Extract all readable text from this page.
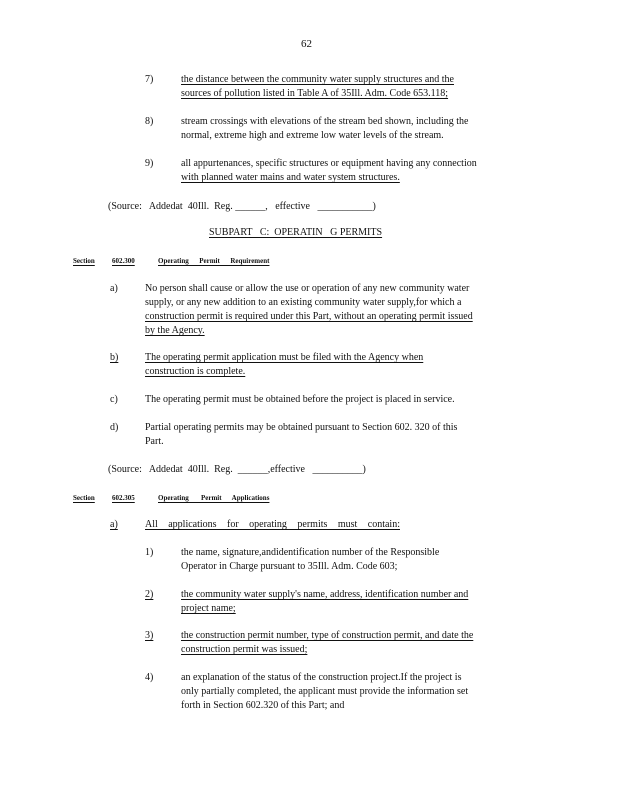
62
7)	the distance between the community water supply structures and the
sources of pollution listed in Table A of 35Ill. Adm. Code 653.118;
8)	stream crossings with elevations of the stream bed shown, including the
normal, extreme high and extreme low water levels of the stream.
9)	all appurtenances, specific structures or equipment having any connection
with planned water mains and water system structures.
(Source:   Addedat  40Ill.  Reg. ______,   effective   ___________)
SUBPART   C:  OPERATIN   G PERMITS
Section 602.300	Operating      Permit      Requirement
a)	No person shall cause or allow the use or operation of any new community water
supply, or any new addition to an existing community water supply,for which a
construction permit is required under this Part, without an operating permit issued
by the Agency.
b)	The operating permit application must be filed with the Agency when
construction is complete.
c)	The operating permit must be obtained before the project is placed in service.
d)	Partial operating permits may be obtained pursuant to Section 602. 320 of this
Part.
(Source:   Addedat  40Ill.  Reg.  ______,effective   __________)
Section 602.305	Operating       Permit      Applications
a)	All applications for operating permits must contain:
1)	the name, signature,andidentification number of the Responsible
Operator in Charge pursuant to 35Ill. Adm. Code 603;
2)	the community water supply's name, address, identification number and
project name;
3)	the construction permit number, type of construction permit, and date the
construction permit was issued;
4)	an explanation of the status of the construction project.If the project is
only partially completed, the applicant must provide the information set
forth in Section 602.320 of this Part; and
